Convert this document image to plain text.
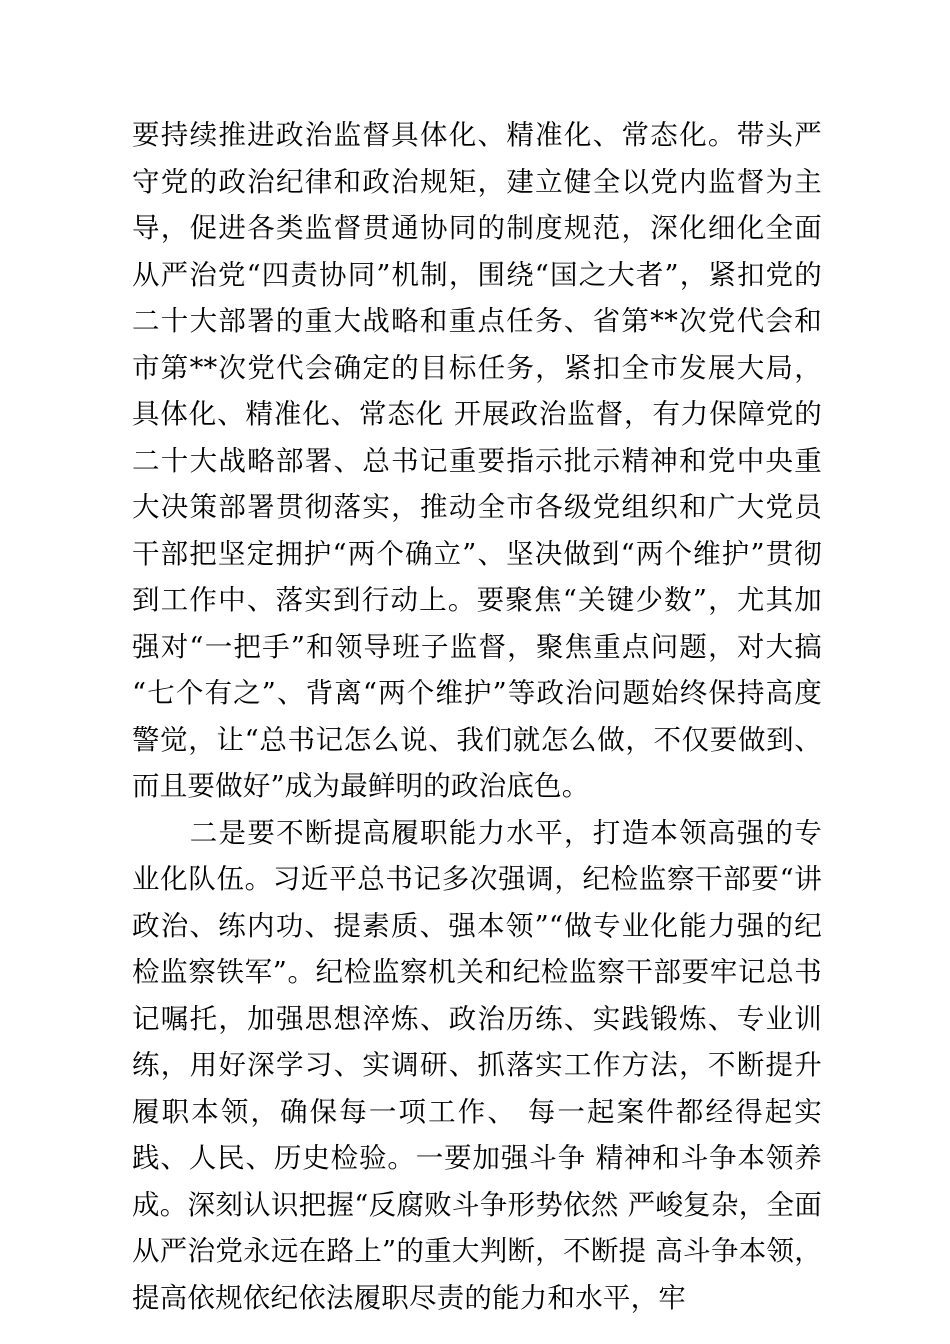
要持续推进政治监督具体化、精准化、常态化。带头严守党的政治纪律和政治规矩，建立健全以党内监督为主导，促进各类监督贯通协同的制度规范，深化细化全面从严治党“四责协同”机制，围绕“国之大者”，紧扣党的二十大部署的重大战略和重点任务、省第**次党代会和市第**次党代会确定的目标任务，紧扣全市发展大局，具体化、精准化、常态化 开展政治监督，有力保障党的二十大战略部署、总书记重要指示批示精神和党中央重大决策部署贯彻落实，推动全市各级党组织和广大党员干部把坚定拥护“两个确立”、坚决做到“两个维护”贯彻到工作中、落实到行动上。要聚焦“关键少数”，尤其加强对“一把手”和领导班子监督，聚焦重点问题，对大搞“七个有之”、背离“两个维护”等政治问题始终保持高度警觉，让“总书记怎么说、我们就怎么做，不仅要做到、而且要做好”成为最鲜明的政治底色。

二是要不断提高履职能力水平，打造本领高强的专业化队伍。习近平总书记多次强调，纪检监察干部要“讲政治、练内功、提素质、强本领”“做专业化能力强的纪检监察铁军”。纪检监察机关和纪检监察干部要牢记总书记嘱托，加强思想淬炼、政治历练、实践锻炼、专业训练，用好深学习、实调研、抓落实工作方法，不断提升履职本领，确保每一项工作、 每一起案件都经得起实践、人民、历史检验。一要加强斗争 精神和斗争本领养成。深刻认识把握“反腐败斗争形势依然 严峻复杂，全面从严治党永远在路上”的重大判断，不断提 高斗争本领，提高依规依纪依法履职尽责的能力和水平，牢
